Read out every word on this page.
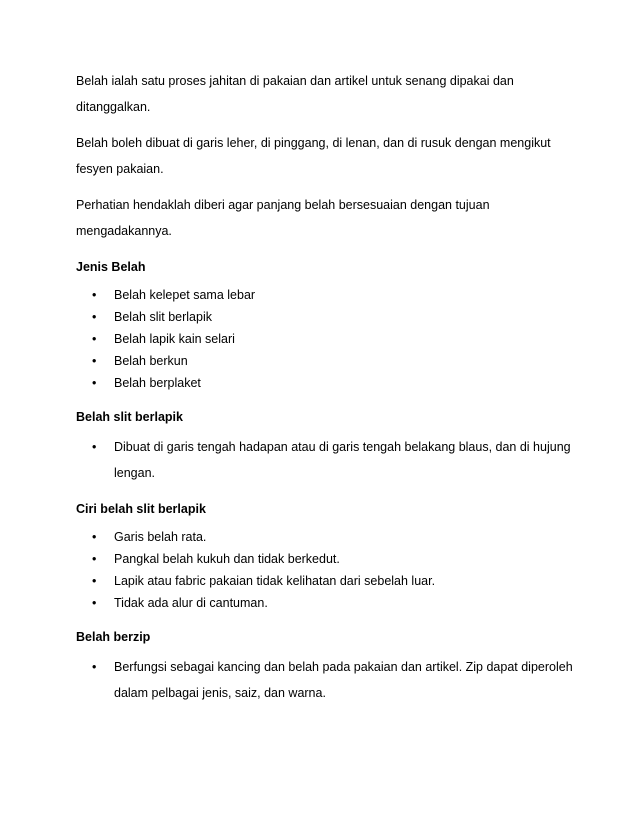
Belah ialah satu proses jahitan di pakaian dan artikel untuk senang dipakai dan ditanggalkan.

Belah boleh dibuat di garis leher, di pinggang, di lenan, dan di rusuk dengan mengikut fesyen pakaian.

Perhatian hendaklah diberi agar panjang belah bersesuaian dengan tujuan mengadakannya.

Jenis Belah
• Belah kelepet sama lebar
• Belah slit berlapik
• Belah lapik kain selari
• Belah berkun
• Belah berplaket
Belah slit berlapik
• Dibuat di garis tengah hadapan atau di garis tengah belakang blaus, dan di hujung lengan.
Ciri belah slit berlapik
• Garis belah rata.
• Pangkal belah kukuh dan tidak berkedut.
• Lapik atau fabric pakaian tidak kelihatan dari sebelah luar.
• Tidak ada alur di cantuman.
Belah berzip
• Berfungsi sebagai kancing dan belah pada pakaian dan artikel. Zip dapat diperoleh dalam pelbagai jenis, saiz, dan warna.
